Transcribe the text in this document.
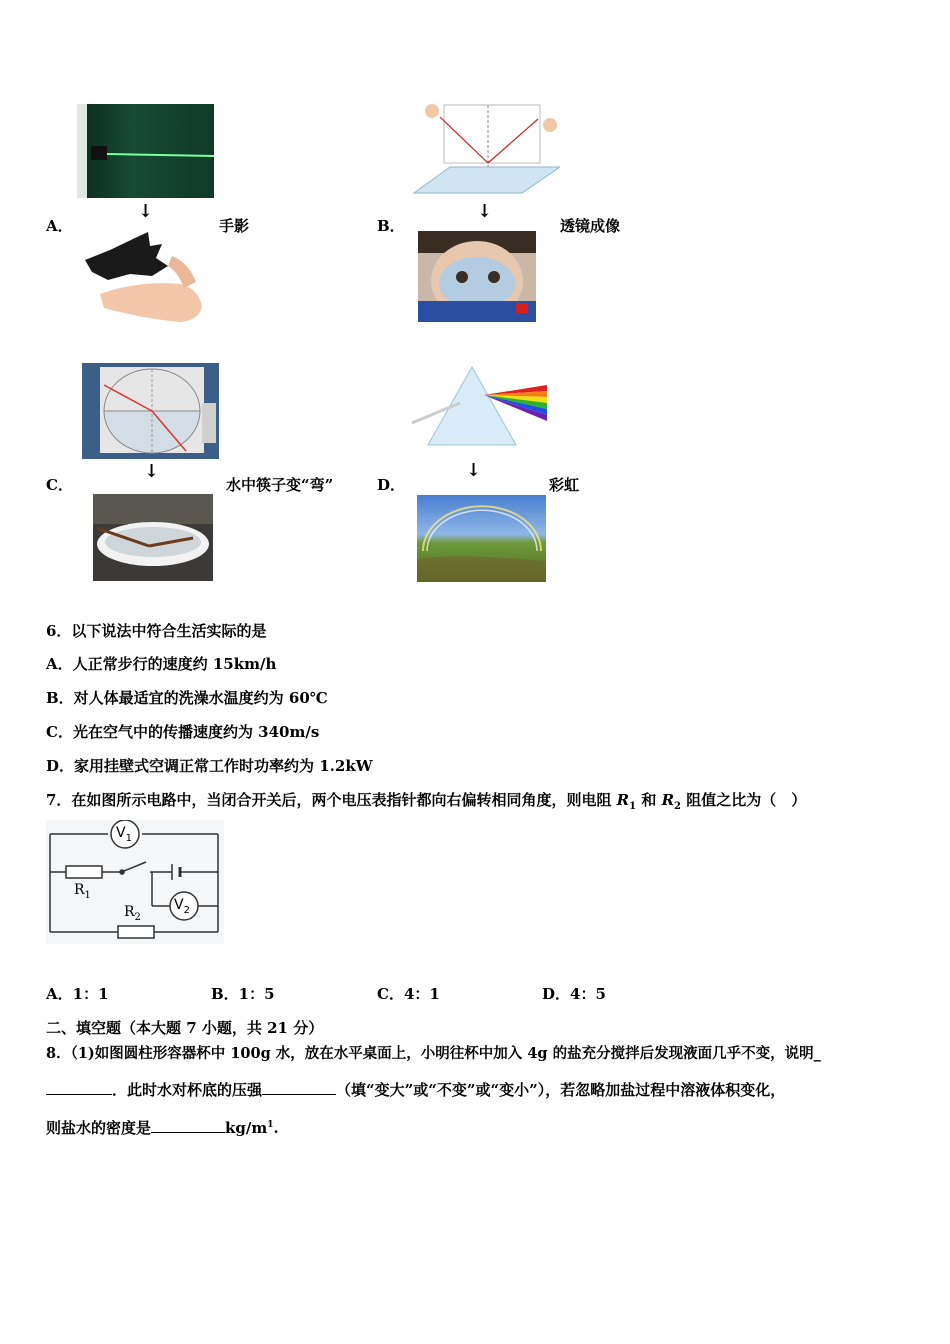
↓
A．	手影
↓
B．	透镜成像
↓
C．	水中筷子变“弯”
↓
D．	彩虹
6．以下说法中符合生活实际的是
A．人正常步行的速度约 15km/h
B．对人体最适宜的洗澡水温度约为 60℃
C．光在空气中的传播速度约为 340m/s
D．家用挂壁式空调正常工作时功率约为 1.2kW
7．在如图所示电路中，当闭合开关后，两个电压表指针都向右偏转相同角度，则电阻 $R_1$ 和 $R_2$ 阻值之比为（　）
$V_1$
$V_2$
$R_1$
$R_2$
A．1：1	B．1：5	C．4：1	D．4：5
二、填空题（本大题 7 小题，共 21 分）
8．（1)如图圆柱形容器杯中 100g 水，放在水平桌面上，小明往杯中加入 4g 的盐充分搅拌后发现液面几乎不变，说明_
．此时水对杯底的压强	（填“变大”或“不变”或“变小”），若忽略加盐过程中溶液体积变化，
则盐水的密度是	$kg/m^1$.
